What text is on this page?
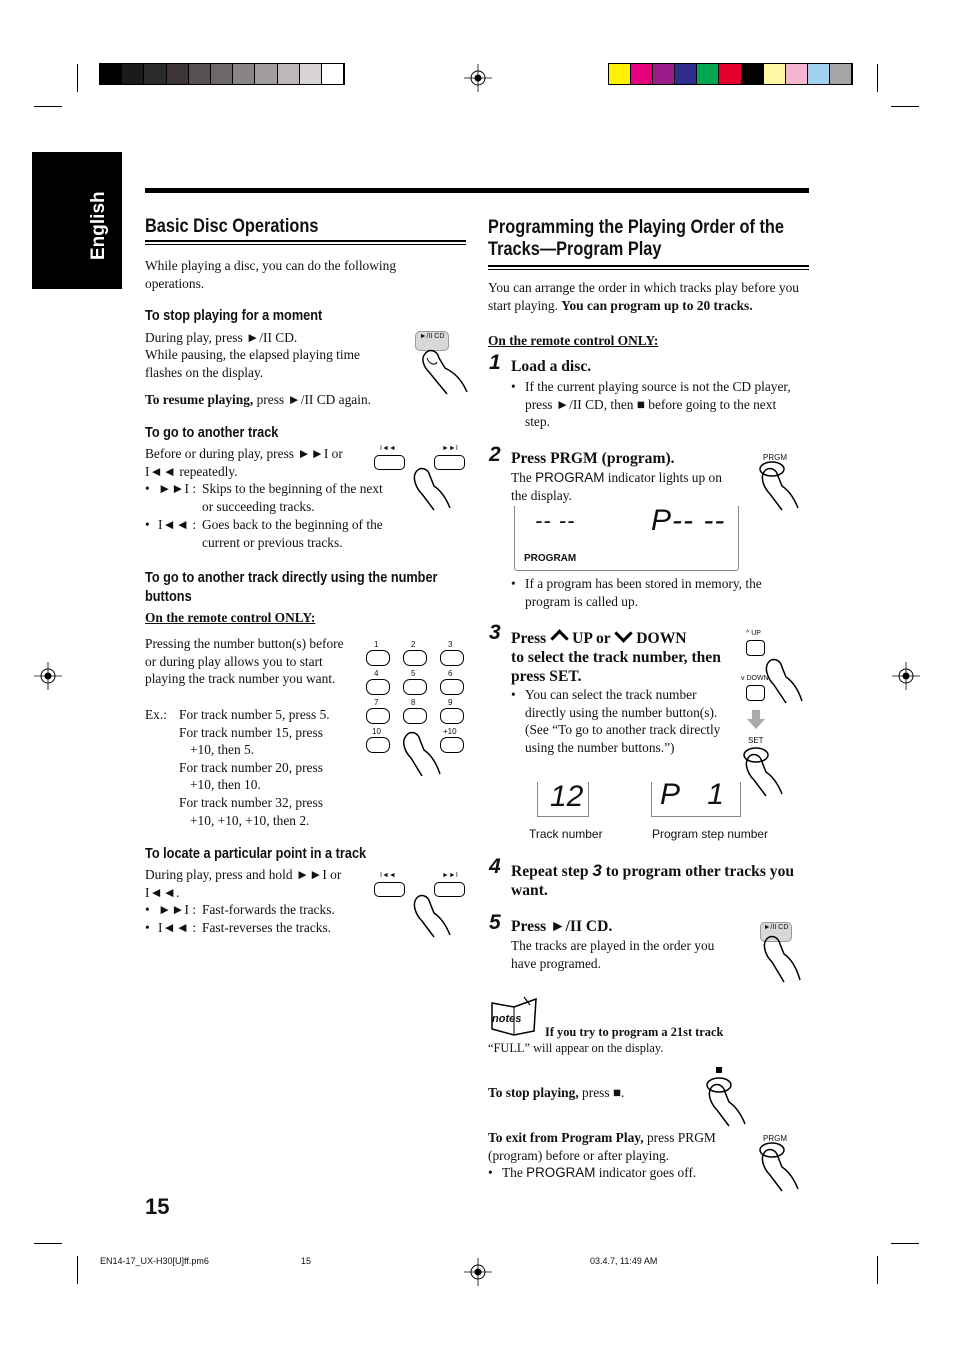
English Basic Disc Operations
While playing a disc, you can do the following operations.
To stop playing for a moment
During play, press ►/II CD.
While pausing, the elapsed playing time flashes on the display.
To resume playing, press ►/II CD again.
►/II CD
To go to another track
Before or during play, press ►►I or I◄◄ repeatedly.
• ►►I : Skips to the beginning of the next or succeeding tracks.
• I◄◄ : Goes back to the beginning of the current or previous tracks.
I◄◄	►►I
To go to another track directly using the number buttons
On the remote control ONLY:
Pressing the number button(s) before or during play allows you to start playing the track number you want.
Ex.: For track number 5, press 5.
For track number 15, press
+10, then 5.
For track number 20, press
+10, then 10.
For track number 32, press
+10, +10, +10, then 2.
1	2	3
4	5	6
7	8	9
10	+10
To locate a particular point in a track
During play, press and hold ►►I or I◄◄.
• ►►I : Fast-forwards the tracks.
• I◄◄ : Fast-reverses the tracks.
I◄◄	►►I
Programming the Playing Order of the
Tracks—Program Play
You can arrange the order in which tracks play before you start playing. You can program up to 20 tracks.
On the remote control ONLY:
1 Load a disc.
• If the current playing source is not the CD player, press ►/II CD, then ■ before going to the next step.
2 Press PRGM (program).
The PROGRAM indicator lights up on the display.
PRGM
-- --	P-- --
PROGRAM
• If a program has been stored in memory, the program is called up.
3 Press UP or DOWN
to select the track number, then press SET.
• You can select the track number directly using the number button(s). (See “To go to another track directly using the number buttons.”)
^ UP
v DOWN
SET
12	P 1
Track number	Program step number
4 Repeat step 3 to program other tracks you want.
5 Press ►/II CD.
The tracks are played in the order you have programed.
►/II CD
notes
If you try to program a 21st track
“FULL” will appear on the display.
To stop playing, press ■.
To exit from Program Play, press PRGM (program) before or after playing.
• The PROGRAM indicator goes off.
PRGM
15
EN14-17_UX-H30[U]ff.pm6	15	03.4.7, 11:49 AM
